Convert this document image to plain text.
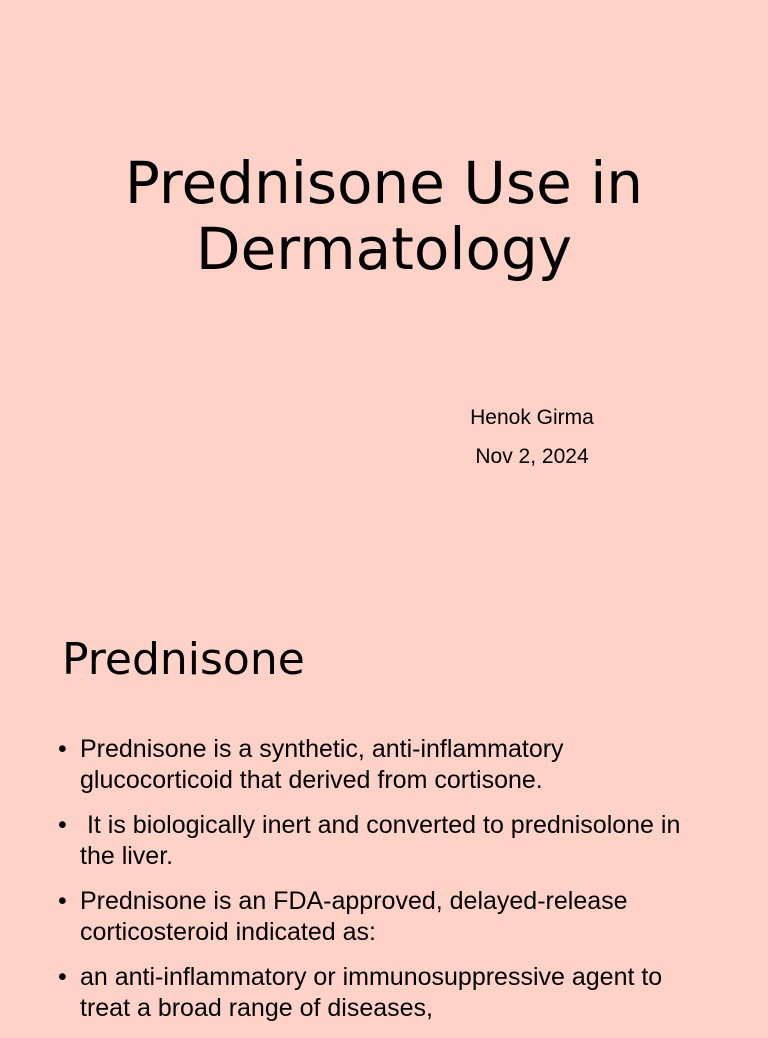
Prednisone Use in
Dermatology
Henok Girma
Nov 2, 2024
Prednisone
• Prednisone is a synthetic, anti-inflammatory glucocorticoid that derived from cortisone.
• It is biologically inert and converted to prednisolone in the liver.
• Prednisone is an FDA-approved, delayed-release corticosteroid indicated as:
• an anti-inflammatory or immunosuppressive agent to treat a broad range of diseases,
